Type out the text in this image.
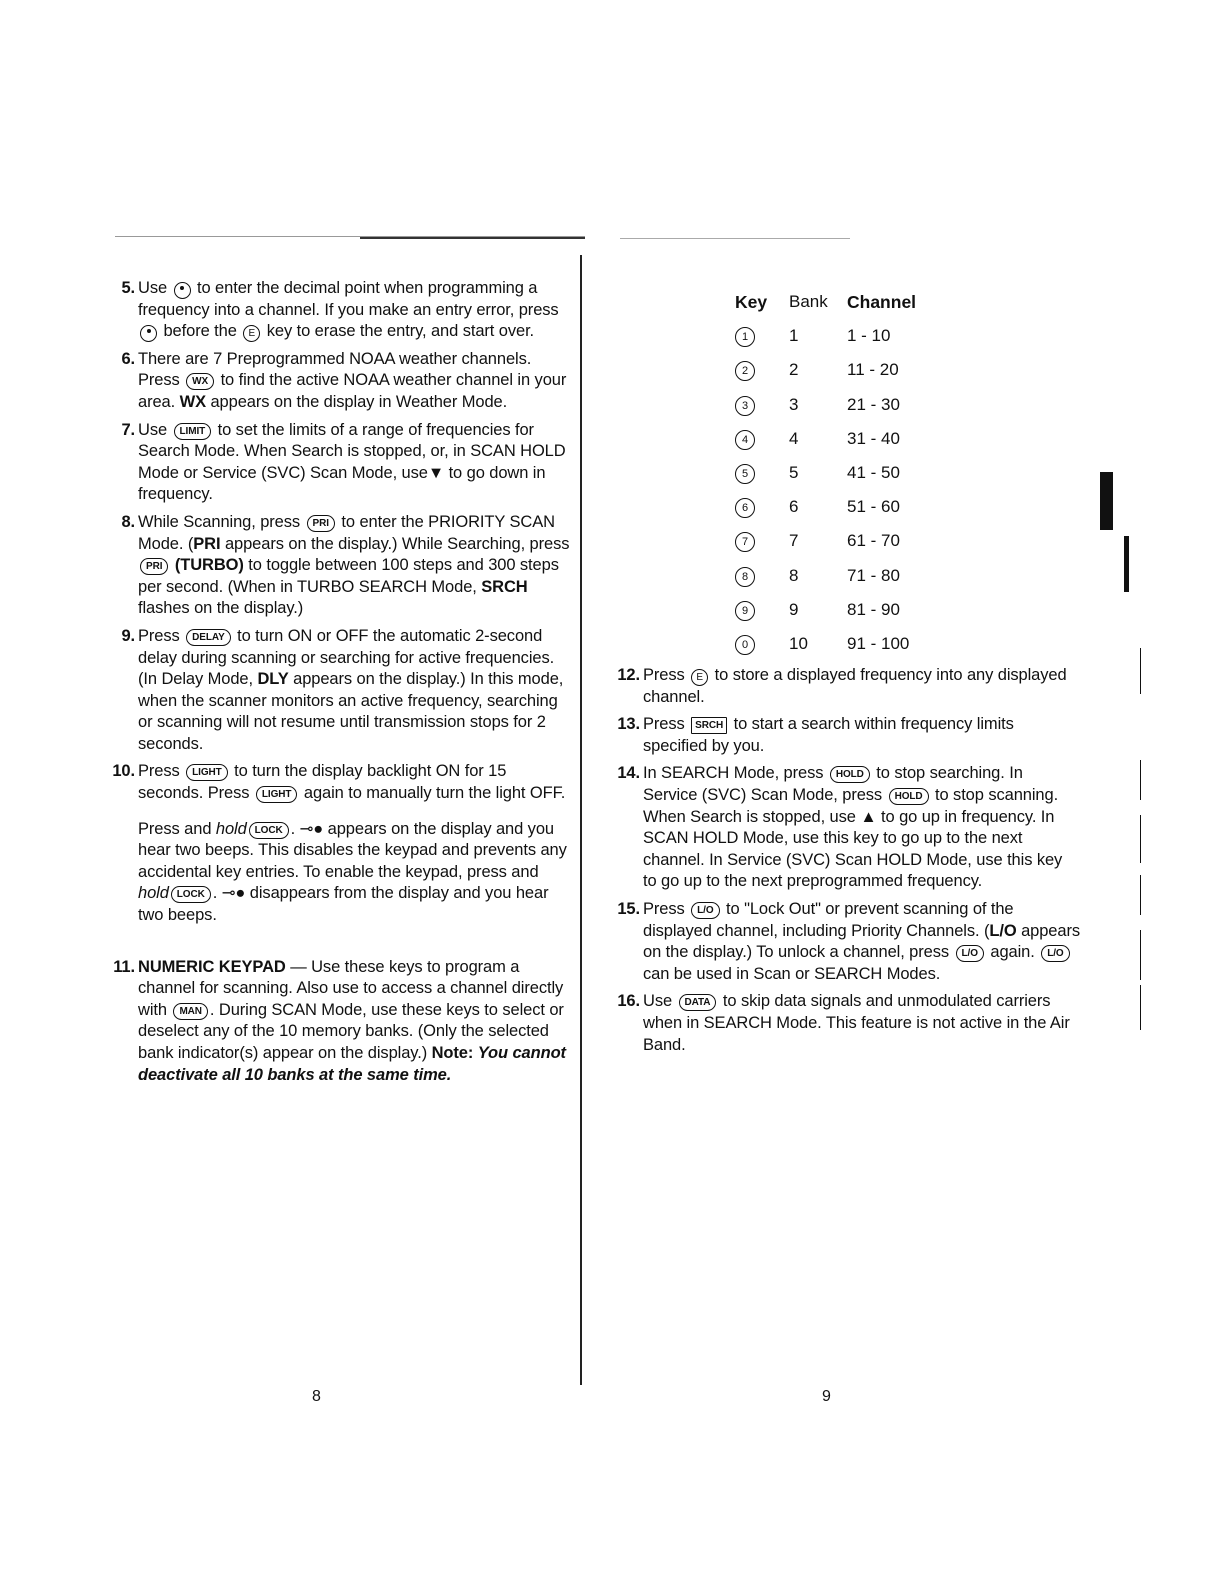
5. Use  to enter the decimal point when programming a frequency into a channel. If you make an entry error, press  before the E key to erase the entry, and start over.

6. There are 7 Preprogrammed NOAA weather channels. Press WX to find the active NOAA weather channel in your area. WX appears on the display in Weather Mode.

7. Use LIMIT to set the limits of a range of frequencies for Search Mode. When Search is stopped, or, in SCAN HOLD Mode or Service (SVC) Scan Mode, use▼ to go down in frequency.

8. While Scanning, press PRI to enter the PRIORITY SCAN Mode. (PRI appears on the display.) While Searching, press PRI (TURBO) to toggle between 100 steps and 300 steps per second. (When in TURBO SEARCH Mode, SRCH flashes on the display.)

9. Press DELAY to turn ON or OFF the automatic 2-second delay during scanning or searching for active frequencies. (In Delay Mode, DLY appears on the display.) In this mode, when the scanner monitors an active frequency, searching or scanning will not resume until transmission stops for 2 seconds.

10. Press LIGHT to turn the display backlight ON for 15 seconds. Press LIGHT again to manually turn the light OFF.

Press and hold LOCK . ⊸● appears on the display and you hear two beeps. This disables the keypad and prevents any accidental key entries. To enable the keypad, press and hold LOCK . ⊸● disappears from the display and you hear two beeps.

11. NUMERIC KEYPAD — Use these keys to program a channel for scanning. Also use to access a channel directly with MAN . During SCAN Mode, use these keys to select or deselect any of the 10 memory banks. (Only the selected bank indicator(s) appear on the display.) Note: You cannot deactivate all 10 banks at the same time.

8	9
Key	Bank	Channel
1	1	1 - 10
2	2	11 - 20
3	3	21 - 30
4	4	31 - 40
5	5	41 - 50
6	6	51 - 60
7	7	61 - 70
8	8	71 - 80
9	9	81 - 90
0	10	91 - 100
12. Press E to store a displayed frequency into any displayed channel.

13. Press SRCH to start a search within frequency limits specified by you.

14. In SEARCH Mode, press HOLD to stop searching. In Service (SVC) Scan Mode, press HOLD to stop scanning. When Search is stopped, use ▲ to go up in frequency. In SCAN HOLD Mode, use this key to go up to the next channel. In Service (SVC) Scan HOLD Mode, use this key to go up to the next preprogrammed frequency.

15. Press L/O to "Lock Out" or prevent scanning of the displayed channel, including Priority Channels. (L/O appears on the display.) To unlock a channel, press L/O again. L/O can be used in Scan or SEARCH Modes.

16. Use DATA to skip data signals and unmodulated carriers when in SEARCH Mode. This feature is not active in the Air Band.
